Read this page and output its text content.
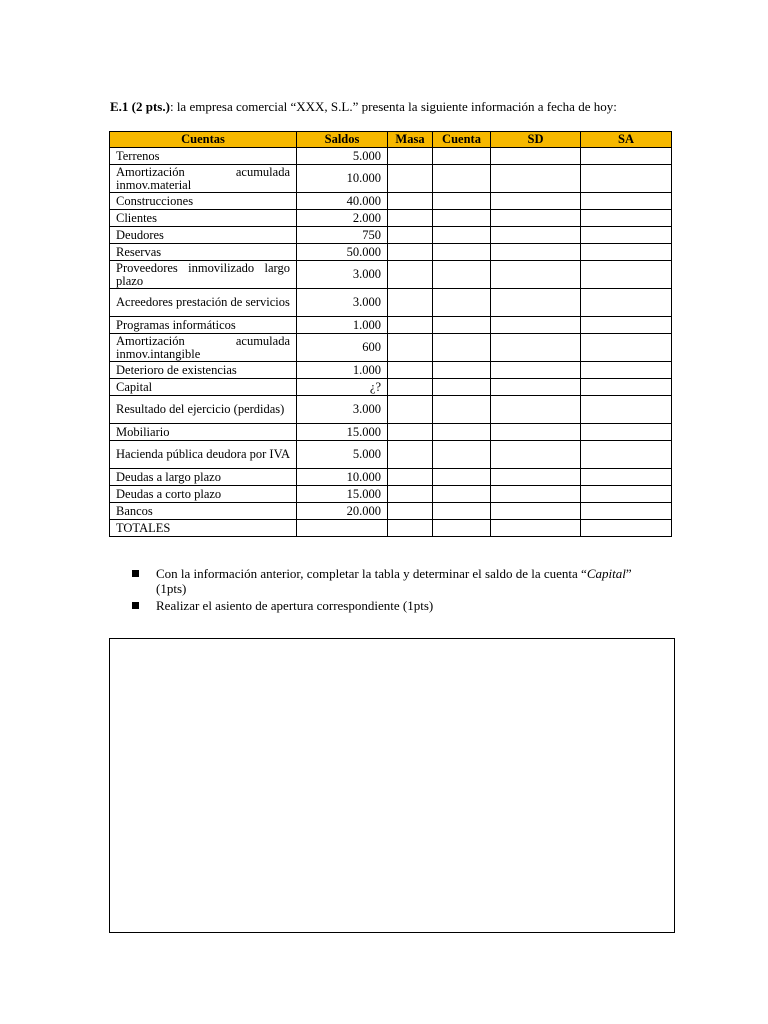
E.1 (2 pts.): la empresa comercial “XXX, S.L.” presenta la siguiente información a fecha de hoy:
Cuentas	Saldos	Masa	Cuenta	SD	SA
Terrenos	5.000				
Amortización acumulada inmov.material	10.000				
Construcciones	40.000				
Clientes	2.000				
Deudores	750				
Reservas	50.000				
Proveedores inmovilizado largo plazo	3.000				
Acreedores prestación de servicios	3.000				
Programas informáticos	1.000				
Amortización acumulada inmov.intangible	600				
Deterioro de existencias	1.000				
Capital	¿?				
Resultado del ejercicio (perdidas)	3.000				
Mobiliario	15.000				
Hacienda pública deudora por IVA	5.000				
Deudas a largo plazo	10.000				
Deudas a corto plazo	15.000				
Bancos	20.000				
TOTALES					
Con la información anterior, completar la tabla y determinar el saldo de la cuenta “Capital” (1pts)
Realizar el asiento de apertura correspondiente (1pts)
